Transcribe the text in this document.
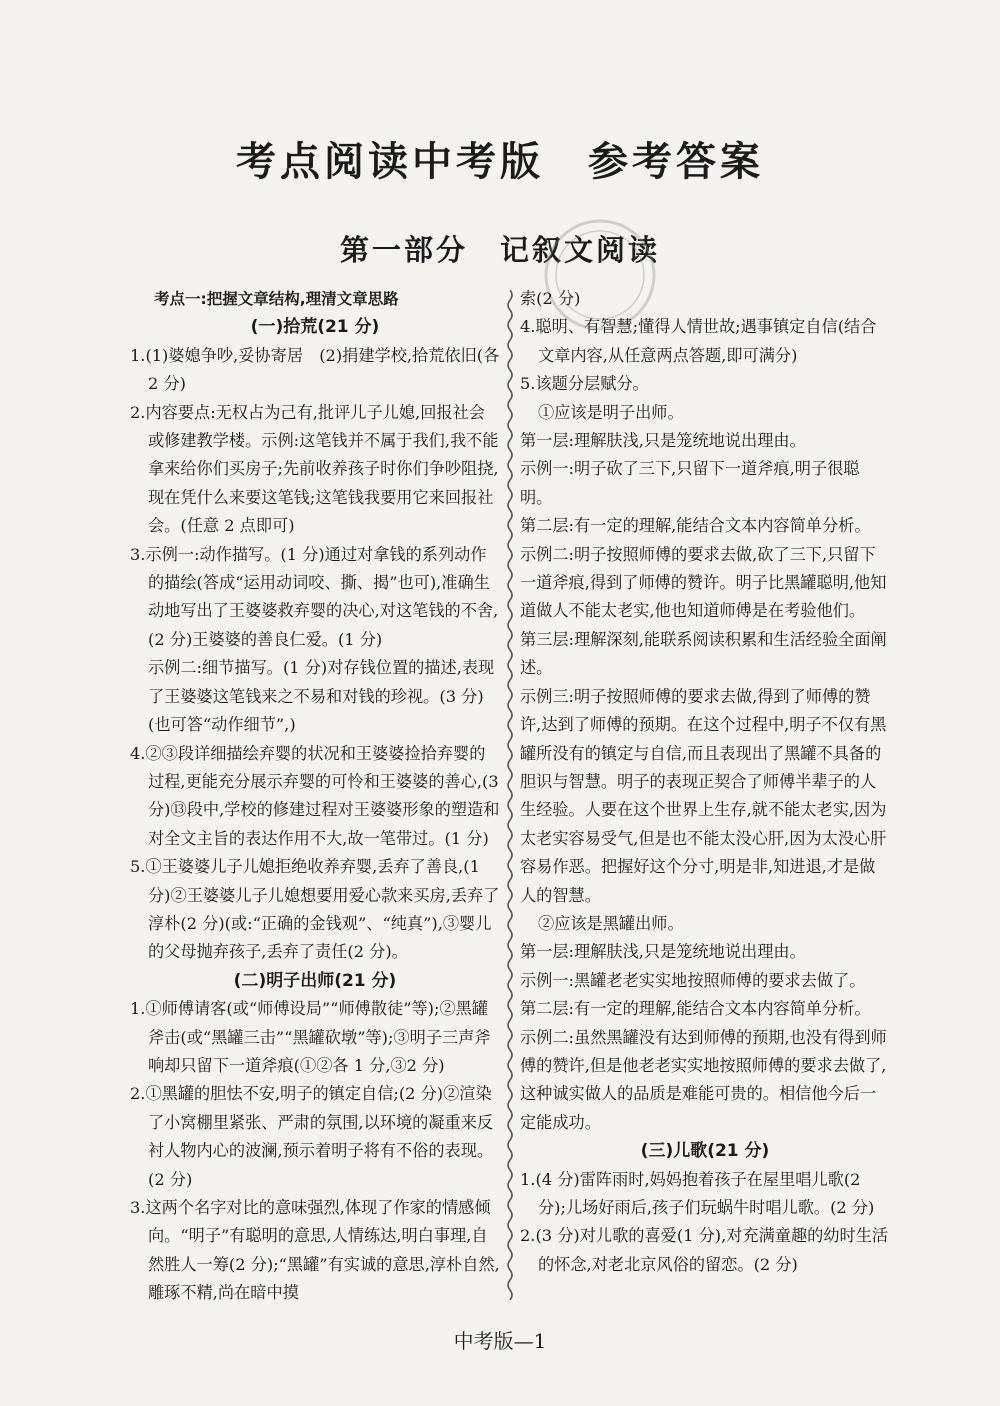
考点阅读中考版　参考答案
第一部分　记叙文阅读

考点一:把握文章结构,理清文章思路

(一)拾荒(21 分)

1.(1)婆媳争吵,妥协寄居　(2)捐建学校,拾荒依旧(各 2 分)

2.内容要点:无权占为己有,批评儿子儿媳,回报社会或修建教学楼。示例:这笔钱并不属于我们,我不能拿来给你们买房子;先前收养孩子时你们争吵阻挠,现在凭什么来要这笔钱;这笔钱我要用它来回报社会。(任意 2 点即可)

3.示例一:动作描写。(1 分)通过对拿钱的系列动作的描绘(答成“运用动词咬、撕、揭”也可),准确生动地写出了王婆婆救弃婴的决心,对这笔钱的不舍,(2 分)王婆婆的善良仁爱。(1 分)

示例二:细节描写。(1 分)对存钱位置的描述,表现了王婆婆这笔钱来之不易和对钱的珍视。(3 分)(也可答“动作细节”,)

4.②③段详细描绘弃婴的状况和王婆婆捡拾弃婴的过程,更能充分展示弃婴的可怜和王婆婆的善心,(3 分)⑬段中,学校的修建过程对王婆婆形象的塑造和对全文主旨的表达作用不大,故一笔带过。(1 分)

5.①王婆婆儿子儿媳拒绝收养弃婴,丢弃了善良,(1 分)②王婆婆儿子儿媳想要用爱心款来买房,丢弃了淳朴(2 分)(或:“正确的金钱观”、“纯真”),③婴儿的父母抛弃孩子,丢弃了责任(2 分)。

(二)明子出师(21 分)

1.①师傅请客(或“师傅设局”“师傅散徒”等);②黑罐斧击(或“黑罐三击”“黑罐砍墩”等);③明子三声斧响却只留下一道斧痕(①②各 1 分,③2 分)

2.①黑罐的胆怯不安,明子的镇定自信;(2 分)②渲染了小窝棚里紧张、严肃的氛围,以环境的凝重来反衬人物内心的波澜,预示着明子将有不俗的表现。(2 分)

3.这两个名字对比的意味强烈,体现了作家的情感倾向。“明子”有聪明的意思,人情练达,明白事理,自然胜人一筹(2 分);“黑罐”有实诚的意思,淳朴自然,雕琢不精,尚在暗中摸

索(2 分)

4.聪明、有智慧;懂得人情世故;遇事镇定自信(结合文章内容,从任意两点答题,即可满分)

5.该题分层赋分。

①应该是明子出师。

第一层:理解肤浅,只是笼统地说出理由。

示例一:明子砍了三下,只留下一道斧痕,明子很聪明。

第二层:有一定的理解,能结合文本内容简单分析。

示例二:明子按照师傅的要求去做,砍了三下,只留下一道斧痕,得到了师傅的赞许。明子比黑罐聪明,他知道做人不能太老实,他也知道师傅是在考验他们。

第三层:理解深刻,能联系阅读积累和生活经验全面阐述。

示例三:明子按照师傅的要求去做,得到了师傅的赞许,达到了师傅的预期。在这个过程中,明子不仅有黑罐所没有的镇定与自信,而且表现出了黑罐不具备的胆识与智慧。明子的表现正契合了师傅半辈子的人生经验。人要在这个世界上生存,就不能太老实,因为太老实容易受气,但是也不能太没心肝,因为太没心肝容易作恶。把握好这个分寸,明是非,知进退,才是做人的智慧。

②应该是黑罐出师。

第一层:理解肤浅,只是笼统地说出理由。

示例一:黑罐老老实实地按照师傅的要求去做了。

第二层:有一定的理解,能结合文本内容简单分析。

示例二:虽然黑罐没有达到师傅的预期,也没有得到师傅的赞许,但是他老老实实地按照师傅的要求去做了,这种诚实做人的品质是难能可贵的。相信他今后一定能成功。

(三)儿歌(21 分)

1.(4 分)雷阵雨时,妈妈抱着孩子在屋里唱儿歌(2 分);儿场好雨后,孩子们玩蜗牛时唱儿歌。(2 分)

2.(3 分)对儿歌的喜爱(1 分),对充满童趣的幼时生活的怀念,对老北京风俗的留恋。(2 分)

中考版—1
